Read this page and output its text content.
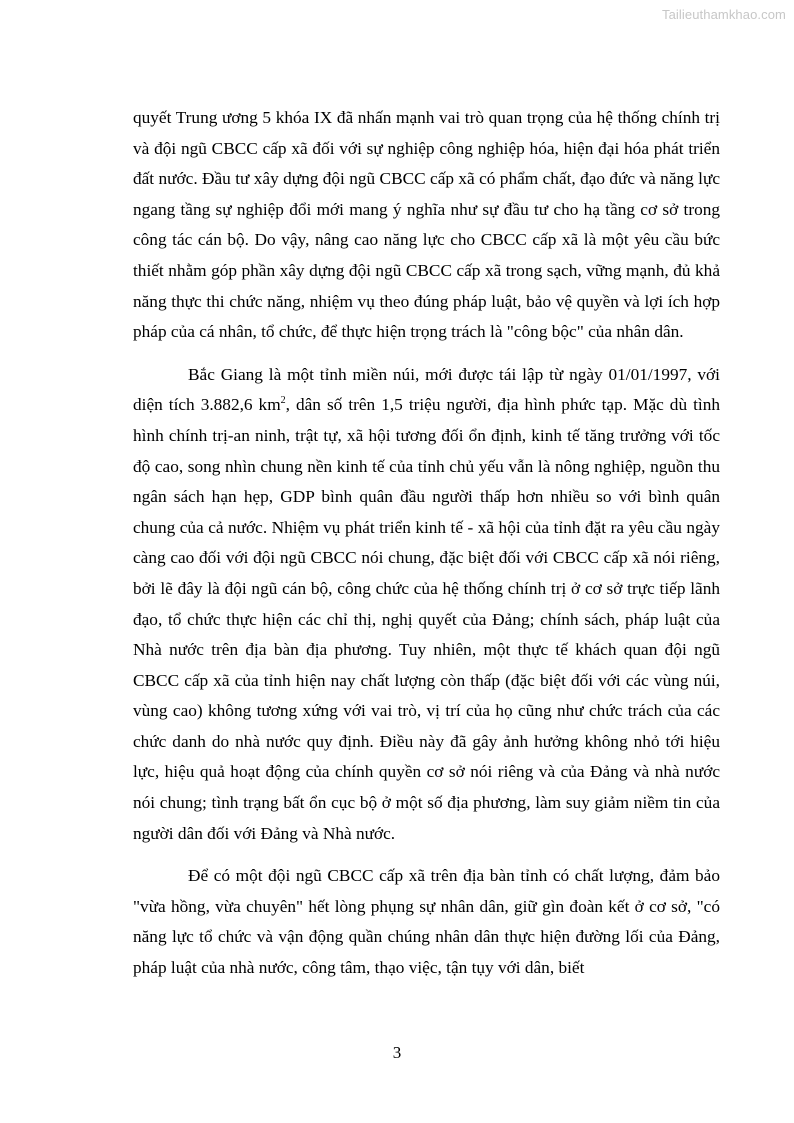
Tailieuthamkhao.com

quyết Trung ương 5 khóa IX đã nhấn mạnh vai trò quan trọng của hệ thống chính trị và đội ngũ CBCC cấp xã đối với sự nghiệp công nghiệp hóa, hiện đại hóa phát triển đất nước. Đầu tư xây dựng đội ngũ CBCC cấp xã có phẩm chất, đạo đức và năng lực ngang tầng sự nghiệp đổi mới mang ý nghĩa như sự đầu tư cho hạ tầng cơ sở trong công tác cán bộ. Do vậy, nâng cao năng lực cho CBCC cấp xã là một yêu cầu bức thiết nhằm góp phần xây dựng đội ngũ CBCC cấp xã trong sạch, vững mạnh, đủ khả năng thực thi chức năng, nhiệm vụ theo đúng pháp luật, bảo vệ quyền và lợi ích hợp pháp của cá nhân, tổ chức, để thực hiện trọng trách là "công bộc" của nhân dân.

Bắc Giang là một tỉnh miền núi, mới được tái lập từ ngày 01/01/1997, với diện tích 3.882,6 $km^2$, dân số trên 1,5 triệu người, địa hình phức tạp. Mặc dù tình hình chính trị-an ninh, trật tự, xã hội tương đối ổn định, kinh tế tăng trưởng với tốc độ cao, song nhìn chung nền kinh tế của tỉnh chủ yếu vẫn là nông nghiệp, nguồn thu ngân sách hạn hẹp, GDP bình quân đầu người thấp hơn nhiều so với bình quân chung của cả nước. Nhiệm vụ phát triển kinh tế - xã hội của tỉnh đặt ra yêu cầu ngày càng cao đối với đội ngũ CBCC nói chung, đặc biệt đối với CBCC cấp xã nói riêng, bởi lẽ đây là đội ngũ cán bộ, công chức của hệ thống chính trị ở cơ sở trực tiếp lãnh đạo, tổ chức thực hiện các chỉ thị, nghị quyết của Đảng; chính sách, pháp luật của Nhà nước trên địa bàn địa phương. Tuy nhiên, một thực tế khách quan đội ngũ CBCC cấp xã của tỉnh hiện nay chất lượng còn thấp (đặc biệt đối với các vùng núi, vùng cao) không tương xứng với vai trò, vị trí của họ cũng như chức trách của các chức danh do nhà nước quy định. Điều này đã gây ảnh hưởng không nhỏ tới hiệu lực, hiệu quả hoạt động của chính quyền cơ sở nói riêng và của Đảng và nhà nước nói chung; tình trạng bất ổn cục bộ ở một số địa phương, làm suy giảm niềm tin của người dân đối với Đảng và Nhà nước.

Để có một đội ngũ CBCC cấp xã trên địa bàn tỉnh có chất lượng, đảm bảo "vừa hồng, vừa chuyên" hết lòng phụng sự nhân dân, giữ gìn đoàn kết ở cơ sở, "có năng lực tổ chức và vận động quần chúng nhân dân thực hiện đường lối của Đảng, pháp luật của nhà nước, công tâm, thạo việc, tận tụy với dân, biết

3
